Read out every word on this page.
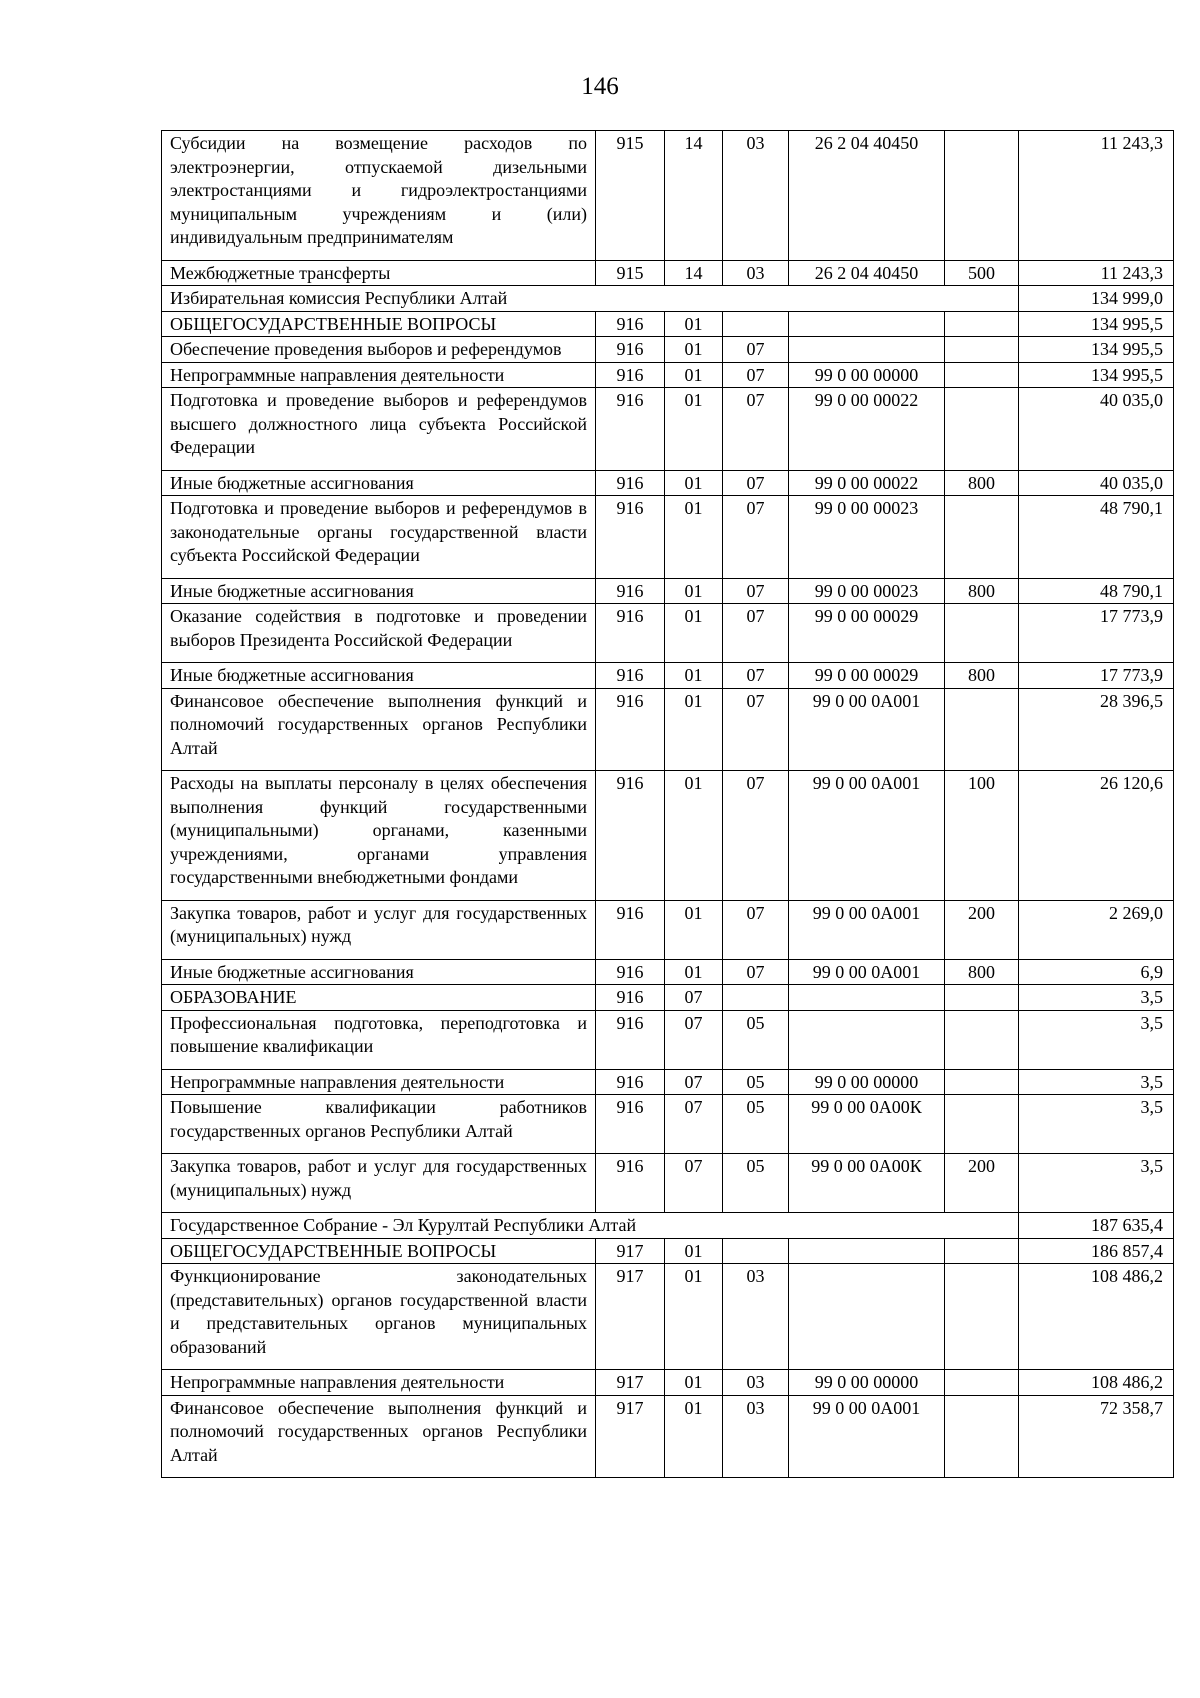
146
Субсидии на возмещение расходов по электроэнергии, отпускаемой дизельными электростанциями и гидроэлектростанциями муниципальным учреждениям и (или) индивидуальным предпринимателям	915	14	03	26 2 04 40450		11 243,3
Межбюджетные трансферты	915	14	03	26 2 04 40450	500	11 243,3
Избирательная комиссия Республики Алтай						134 999,0
ОБЩЕГОСУДАРСТВЕННЫЕ ВОПРОСЫ	916	01				134 995,5
Обеспечение проведения выборов и референдумов	916	01	07			134 995,5
Непрограммные направления деятельности	916	01	07	99 0 00 00000		134 995,5
Подготовка и проведение выборов и референдумов высшего должностного лица субъекта Российской Федерации	916	01	07	99 0 00 00022		40 035,0
Иные бюджетные ассигнования	916	01	07	99 0 00 00022	800	40 035,0
Подготовка и проведение выборов и референдумов в законодательные органы государственной власти субъекта Российской Федерации	916	01	07	99 0 00 00023		48 790,1
Иные бюджетные ассигнования	916	01	07	99 0 00 00023	800	48 790,1
Оказание содействия в подготовке и проведении выборов Президента Российской Федерации	916	01	07	99 0 00 00029		17 773,9
Иные бюджетные ассигнования	916	01	07	99 0 00 00029	800	17 773,9
Финансовое обеспечение выполнения функций и полномочий государственных органов Республики Алтай	916	01	07	99 0 00 0А001		28 396,5
Расходы на выплаты персоналу в целях обеспечения выполнения функций государственными (муниципальными) органами, казенными учреждениями, органами управления государственными внебюджетными фондами	916	01	07	99 0 00 0А001	100	26 120,6
Закупка товаров, работ и услуг для государственных (муниципальных) нужд	916	01	07	99 0 00 0А001	200	2 269,0
Иные бюджетные ассигнования	916	01	07	99 0 00 0А001	800	6,9
ОБРАЗОВАНИЕ	916	07				3,5
Профессиональная подготовка, переподготовка и повышение квалификации	916	07	05			3,5
Непрограммные направления деятельности	916	07	05	99 0 00 00000		3,5
Повышение квалификации работников государственных органов Республики Алтай	916	07	05	99 0 00 0А00К		3,5
Закупка товаров, работ и услуг для государственных (муниципальных) нужд	916	07	05	99 0 00 0А00К	200	3,5
Государственное Собрание - Эл Курултай Республики Алтай						187 635,4
ОБЩЕГОСУДАРСТВЕННЫЕ ВОПРОСЫ	917	01				186 857,4
Функционирование законодательных (представительных) органов государственной власти и представительных органов муниципальных образований	917	01	03			108 486,2
Непрограммные направления деятельности	917	01	03	99 0 00 00000		108 486,2
Финансовое обеспечение выполнения функций и полномочий государственных органов Республики Алтай	917	01	03	99 0 00 0А001		72 358,7
